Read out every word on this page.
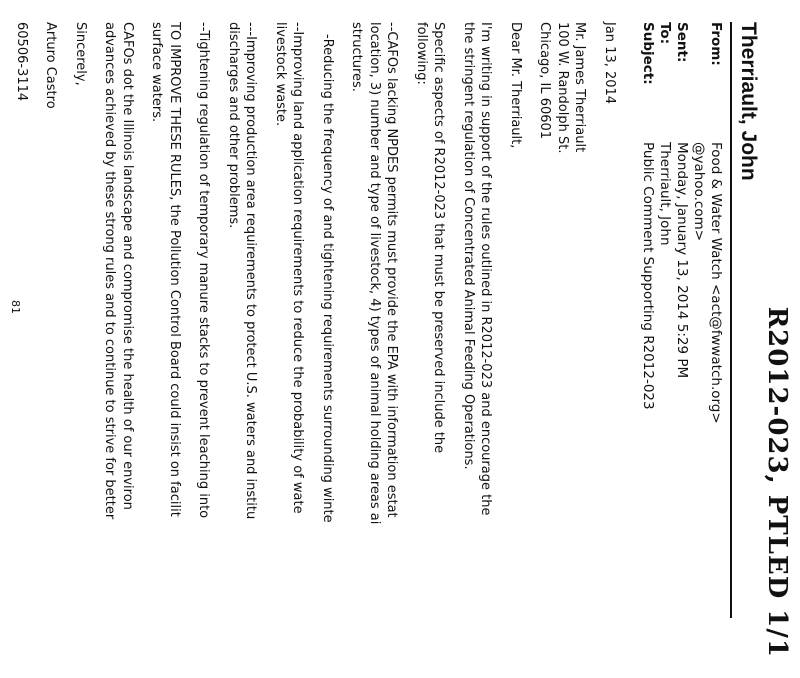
R2012-023, PTLED 1/1
Therriault, John
From:
Food & Water Watch <act@fwwatch.org>
@yahoo.com>
Sent:
Monday, January 13, 2014 5:29 PM
To:
Therriault, John
Subject:
Public Comment Supporting R2012-023

Jan 13, 2014

Mr. James Therriault

100 W. Randolph St.

Chicago, IL 60601

Dear Mr. Therriault,

I'm writing in support of the rules outlined in R2012-023 and encourage the

the stringent regulation of Concentrated Animal Feeding Operations.

Specific aspects of R2012-023 that must be preserved include the

following:

--CAFOs lacking NPDES permits must provide the EPA with information estat

location, 3) number and type of livestock, 4) types of animal holding areas ai

structures.

-Reducing the frequency of and tightening requirements surrounding winte

--Improving land application requirements to reduce the probability of wate

livestock waste.

---Improving production area requirements to protect U.S. waters and institu

discharges and other problems.

--Tightening regulation of temporary manure stacks to prevent leaching into

TO IMPROVE THESE RULES, the Pollution Control Board could insist on facilit

surface waters.

CAFOs dot the Illinois landscape and compromise the health of our environ

advances achieved by these strong rules and to continue to strive for better

Sincerely,

Arturo Castro

60506-3114

81
